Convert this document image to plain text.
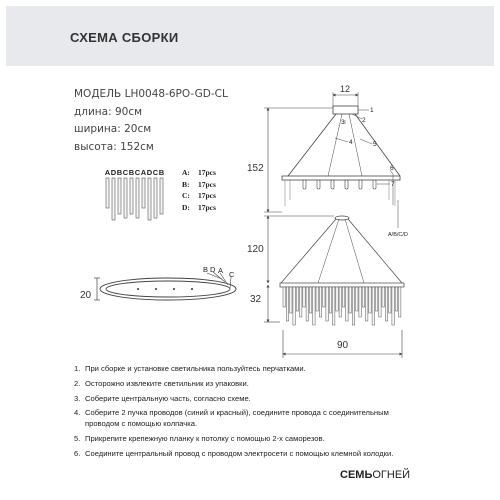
СХЕМА СБОРКИ
МОДЕЛЬ LH0048-6PO-GD-CL
длина: 90см
ширина: 20см
высота: 152см
A: 17pcs
B: 17pcs
C: 17pcs
D: 17pcs
A D B C B C A D C B
20
B D A C
1
2
3
4	5
6
7
A/B/C/D
152
120
32
90
12
1. При сборке и установке светильника пользуйтесь перчатками.
2. Осторожно извлеките светильник из упаковки.
3. Соберите центральную часть, согласно схеме.
4. Соберите 2 пучка проводов (синий и красный), соедините провода с соединительным проводом с помощью колпачка.
5. Прикрепите крепежную планку к потолку с помощью 2-х саморезов.
6. Соедините центральный провод с проводом электросети с помощью клемной колодки.
СЕМЬОГНЕЙ
